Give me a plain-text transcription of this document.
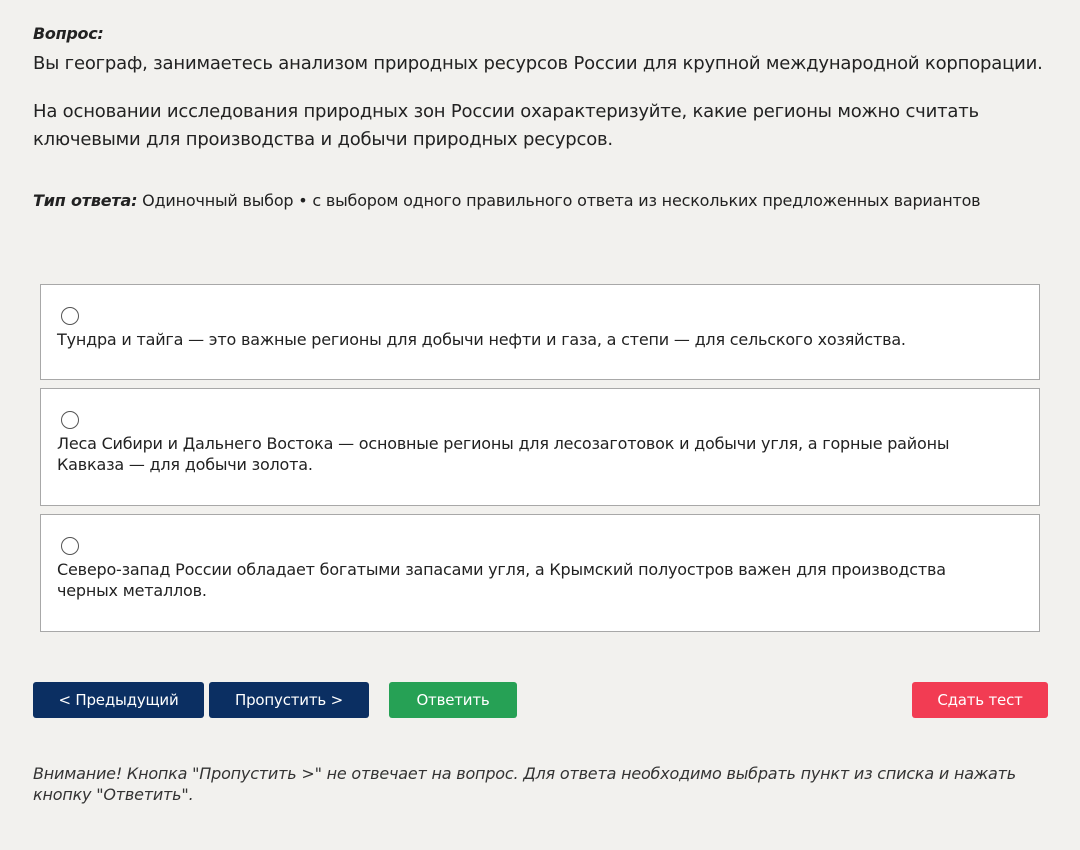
Вопрос:

Вы географ, занимаетесь анализом природных ресурсов России для крупной международной корпорации.

На основании исследования природных зон России охарактеризуйте, какие регионы можно считать ключевыми для производства и добычи природных ресурсов.

Тип ответа: Одиночный выбор • с выбором одного правильного ответа из нескольких предложенных вариантов
Тундра и тайга — это важные регионы для добычи нефти и газа, а степи — для сельского хозяйства.
Леса Сибири и Дальнего Востока — основные регионы для лесозаготовок и добычи угля, а горные районы Кавказа — для добычи золота.
Северо-запад России обладает богатыми запасами угля, а Крымский полуостров важен для производства черных металлов.
< Предыдущий	Пропустить >	Ответить	Сдать тест
Внимание! Кнопка "Пропустить >" не отвечает на вопрос. Для ответа необходимо выбрать пункт из списка и нажать кнопку "Ответить".
